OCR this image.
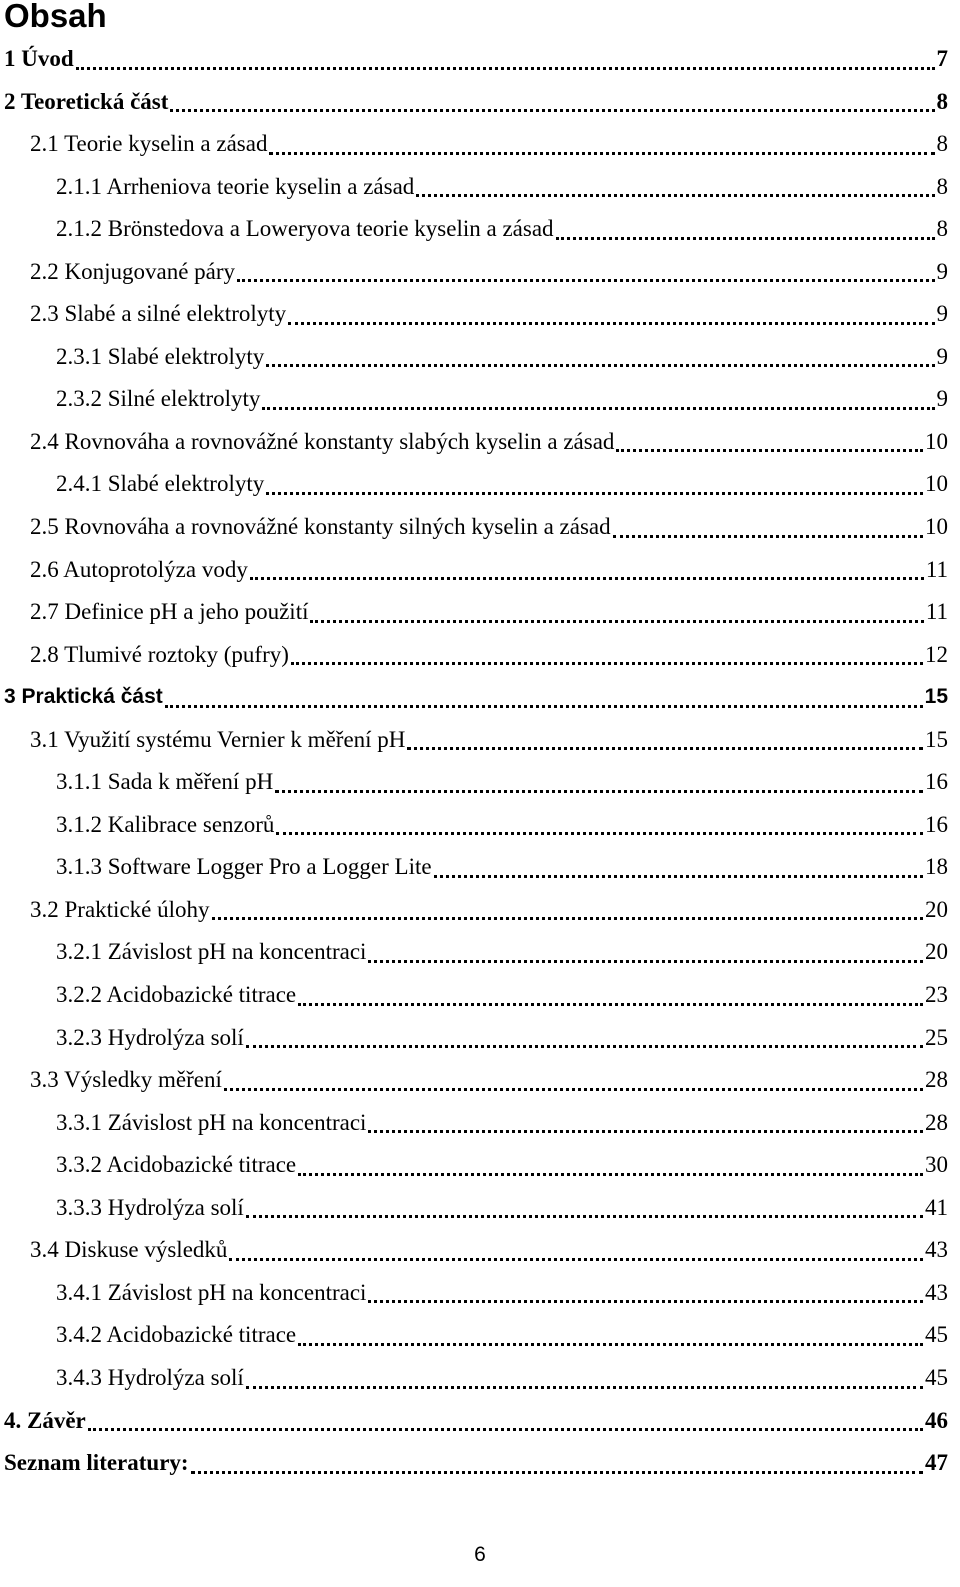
Obsah
1 Úvod	7
2 Teoretická část	8
2.1 Teorie kyselin a zásad	8
2.1.1 Arrheniova teorie kyselin a zásad	8
2.1.2 Brönstedova a Loweryova teorie kyselin a zásad	8
2.2 Konjugované páry	9
2.3 Slabé a silné elektrolyty	9
2.3.1 Slabé elektrolyty	9
2.3.2 Silné elektrolyty	9
2.4 Rovnováha a rovnovážné konstanty slabých kyselin a zásad	10
2.4.1 Slabé elektrolyty	10
2.5 Rovnováha a rovnovážné konstanty silných kyselin a zásad	10
2.6 Autoprotolýza vody	11
2.7 Definice pH a jeho použití	11
2.8 Tlumivé roztoky (pufry)	12
3 Praktická část	15
3.1 Využití systému Vernier k měření pH	15
3.1.1 Sada k měření pH	16
3.1.2 Kalibrace senzorů	16
3.1.3 Software Logger Pro a Logger Lite	18
3.2 Praktické úlohy	20
3.2.1 Závislost pH na koncentraci	20
3.2.2 Acidobazické titrace	23
3.2.3 Hydrolýza solí	25
3.3 Výsledky měření	28
3.3.1 Závislost pH na koncentraci	28
3.3.2 Acidobazické titrace	30
3.3.3 Hydrolýza solí	41
3.4 Diskuse výsledků	43
3.4.1 Závislost pH na koncentraci	43
3.4.2 Acidobazické titrace	45
3.4.3 Hydrolýza solí	45
4. Závěr	46
Seznam literatury:	47
6
